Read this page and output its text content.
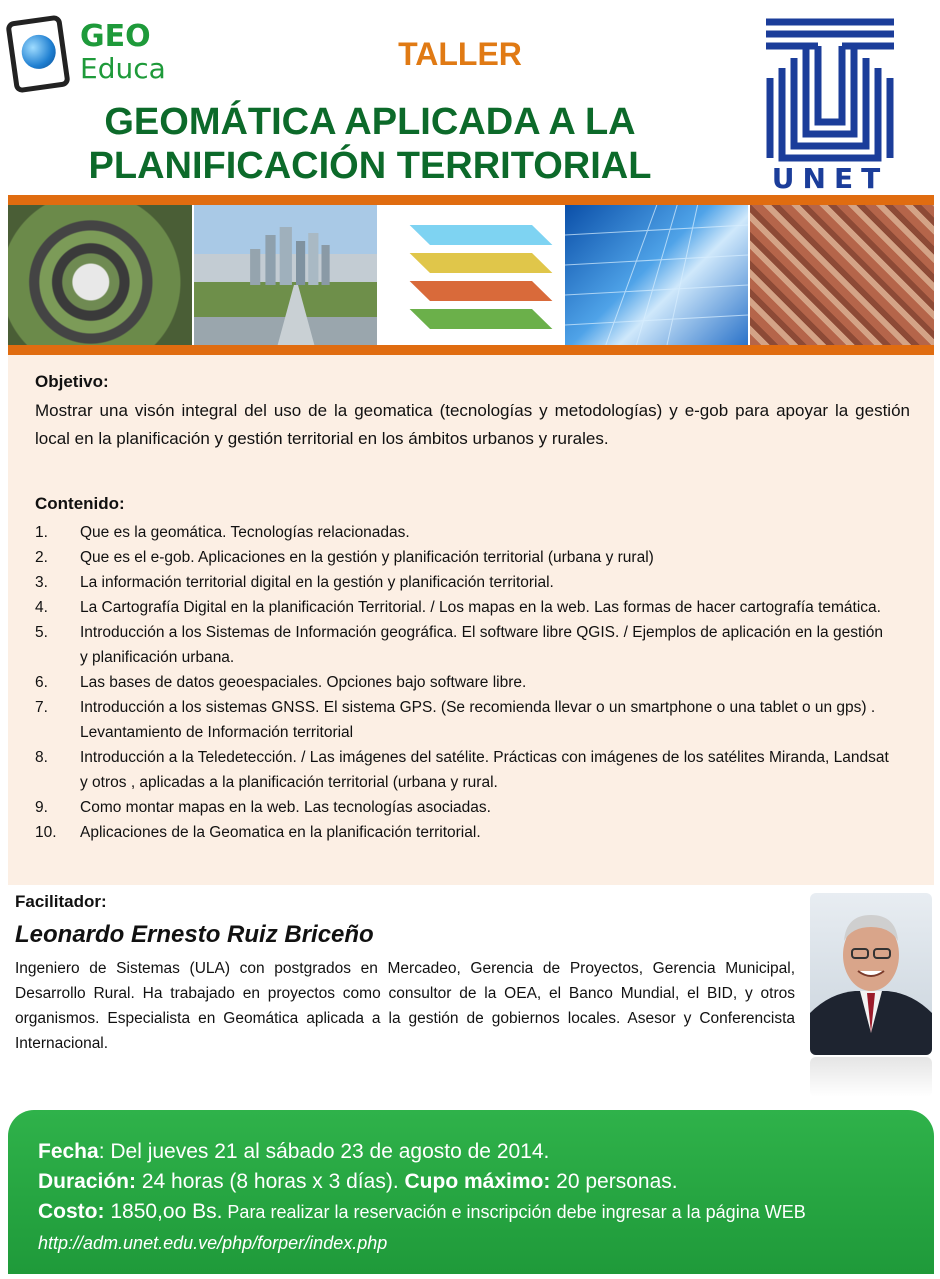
GEO
Educa	TALLER
GEOMÁTICA APLICADA A LA
PLANIFICACIÓN TERRITORIAL	UNET
Objetivo:
Mostrar una visón integral del uso de la geomatica (tecnologías y metodologías) y e-gob para apoyar la gestión local en la planificación y gestión territorial en los ámbitos urbanos y rurales.
Contenido:
1.	Que es la geomática. Tecnologías relacionadas.
2.	Que es el e-gob. Aplicaciones en la gestión y planificación territorial (urbana y rural)
3.	La información territorial digital en la gestión y planificación territorial.
4.	La Cartografía Digital en la planificación Territorial. / Los mapas en la web. Las formas de hacer cartografía temática.
5.	Introducción a los Sistemas de Información geográfica. El software libre QGIS. / Ejemplos de aplicación en la gestión y planificación urbana.
6.	Las bases de datos geoespaciales. Opciones bajo software libre.
7.	Introducción a los sistemas GNSS. El sistema GPS. (Se recomienda llevar o un smartphone o una tablet o un gps) . Levantamiento de Información territorial
8.	Introducción a la Teledetección. / Las imágenes del satélite. Prácticas con imágenes de los satélites Miranda, Landsat y otros , aplicadas a la planificación territorial (urbana y rural.
9.	Como montar mapas en la web. Las tecnologías asociadas.
10.	Aplicaciones de la Geomatica en la planificación territorial.
Facilitador:
Leonardo Ernesto Ruiz Briceño
Ingeniero de Sistemas (ULA) con postgrados en Mercadeo, Gerencia de Proyectos, Gerencia Municipal, Desarrollo Rural. Ha trabajado en proyectos como consultor de la OEA, el Banco Mundial, el BID, y otros organismos. Especialista en Geomática aplicada a la gestión de gobiernos locales. Asesor y Conferencista Internacional.
Fecha: Del jueves 21 al sábado 23 de agosto de 2014.
Duración: 24 horas (8 horas x 3 días). Cupo máximo: 20 personas.
Costo: 1850,oo Bs. Para realizar la reservación e inscripción debe ingresar a la página WEB
http://adm.unet.edu.ve/php/forper/index.php
